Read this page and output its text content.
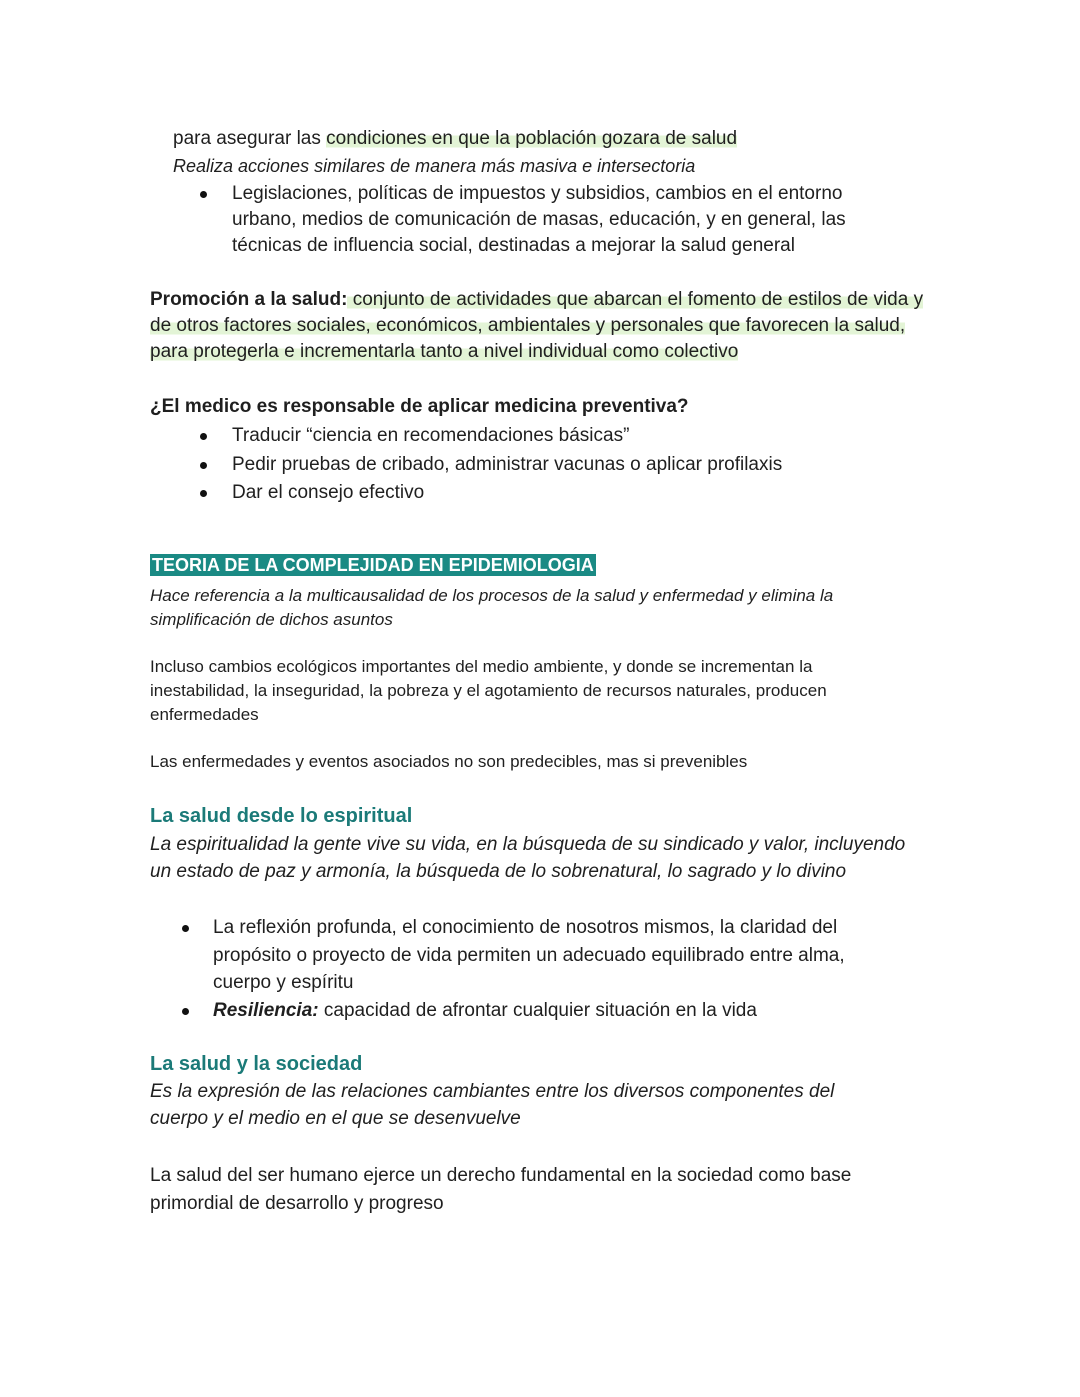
para asegurar las condiciones en que la población gozara de salud
Realiza acciones similares de manera más masiva e intersectoria
Legislaciones, políticas de impuestos y subsidios, cambios en el entorno urbano, medios de comunicación de masas, educación, y en general, las técnicas de influencia social, destinadas a mejorar la salud general
Promoción a la salud: conjunto de actividades que abarcan el fomento de estilos de vida y de otros factores sociales, económicos, ambientales y personales que favorecen la salud, para protegerla e incrementarla tanto a nivel individual como colectivo
¿El medico es responsable de aplicar medicina preventiva?
Traducir “ciencia en recomendaciones básicas”
Pedir pruebas de cribado, administrar vacunas o aplicar profilaxis
Dar el consejo efectivo
TEORIA DE LA COMPLEJIDAD EN EPIDEMIOLOGIA
Hace referencia a la multicausalidad de los procesos de la salud y enfermedad y elimina la simplificación de dichos asuntos
Incluso cambios ecológicos importantes del medio ambiente, y donde se incrementan la inestabilidad, la inseguridad, la pobreza y el agotamiento de recursos naturales, producen enfermedades
Las enfermedades y eventos asociados no son predecibles, mas si prevenibles
La salud desde lo espiritual
La espiritualidad la gente vive su vida, en la búsqueda de su sindicado y valor, incluyendo un estado de paz y armonía, la búsqueda de lo sobrenatural, lo sagrado y lo divino
La reflexión profunda, el conocimiento de nosotros mismos, la claridad del propósito o proyecto de vida permiten un adecuado equilibrado entre alma, cuerpo y espíritu
Resiliencia: capacidad de afrontar cualquier situación en la vida
La salud y la sociedad
Es la expresión de las relaciones cambiantes entre los diversos componentes del cuerpo y el medio en el que se desenvuelve
La salud del ser humano ejerce un derecho fundamental en la sociedad como base primordial de desarrollo y progreso
